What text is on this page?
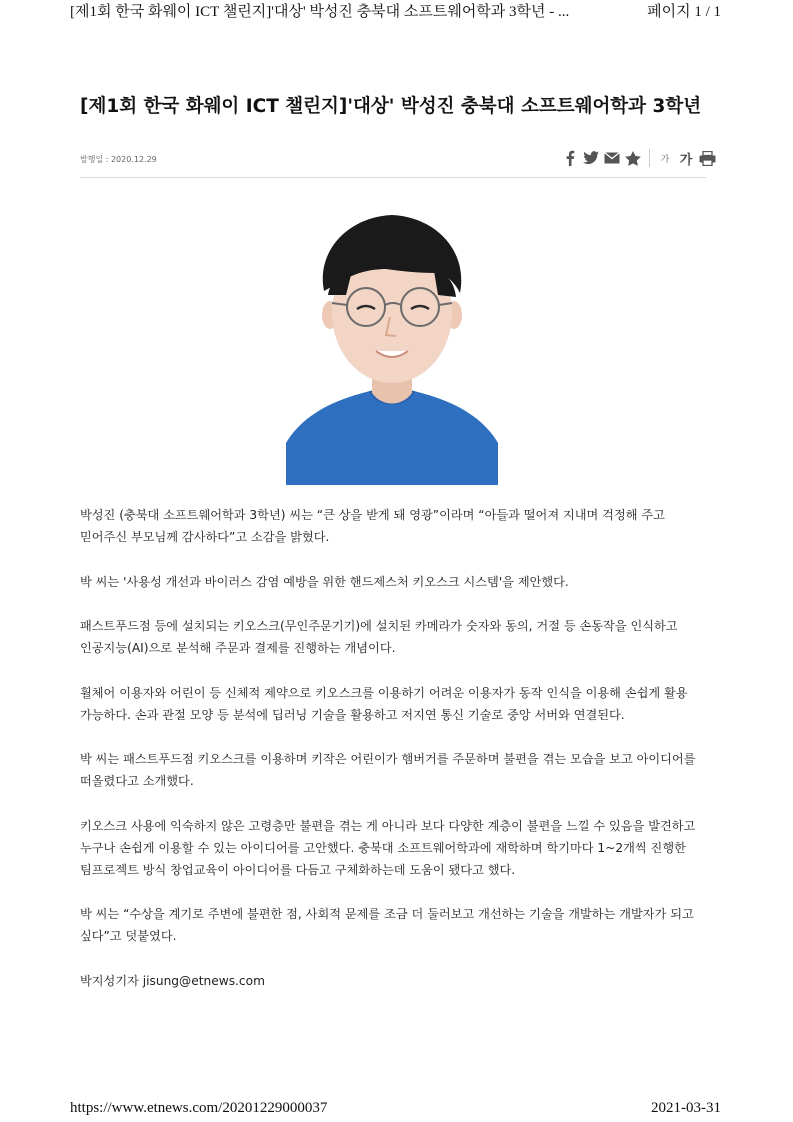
[제1회 한국 화웨이 ICT 챌린지]'대상' 박성진 충북대 소프트웨어학과 3학년 - ...	페이지 1 / 1
[제1회 한국 화웨이 ICT 챌린지]'대상' 박성진 충북대 소프트웨어학과 3학년
발행일 : 2020.12.29	가 가

박성진 (충북대 소프트웨어학과 3학년) 씨는 “큰 상을 받게 돼 영광”이라며 “아들과 떨어져 지내며 걱정해 주고 믿어주신 부모님께 감사하다”고 소감을 밝혔다.

박 씨는 '사용성 개선과 바이러스 감염 예방을 위한 핸드제스처 키오스크 시스템'을 제안했다.

패스트푸드점 등에 설치되는 키오스크(무인주문기기)에 설치된 카메라가 숫자와 동의, 거절 등 손동작을 인식하고 인공지능(AI)으로 분석해 주문과 결제를 진행하는 개념이다.

휠체어 이용자와 어린이 등 신체적 제약으로 키오스크를 이용하기 어려운 이용자가 동작 인식을 이용해 손쉽게 활용 가능하다. 손과 관절 모양 등 분석에 딥러닝 기술을 활용하고 저지연 통신 기술로 중앙 서버와 연결된다.

박 씨는 패스트푸드점 키오스크를 이용하며 키작은 어린이가 햄버거를 주문하며 불편을 겪는 모습을 보고 아이디어를 떠올렸다고 소개했다.

키오스크 사용에 익숙하지 않은 고령층만 불편을 겪는 게 아니라 보다 다양한 계층이 불편을 느낄 수 있음을 발견하고 누구나 손쉽게 이용할 수 있는 아이디어를 고안했다. 충북대 소프트웨어학과에 재학하며 학기마다 1~2개씩 진행한 팀프로젝트 방식 창업교육이 아이디어를 다듬고 구체화하는데 도움이 됐다고 했다.

박 씨는 “수상을 계기로 주변에 불편한 점, 사회적 문제를 조금 더 둘러보고 개선하는 기술을 개발하는 개발자가 되고 싶다”고 덧붙였다.

박지성기자 jisung@etnews.com

https://www.etnews.com/20201229000037	2021-03-31
